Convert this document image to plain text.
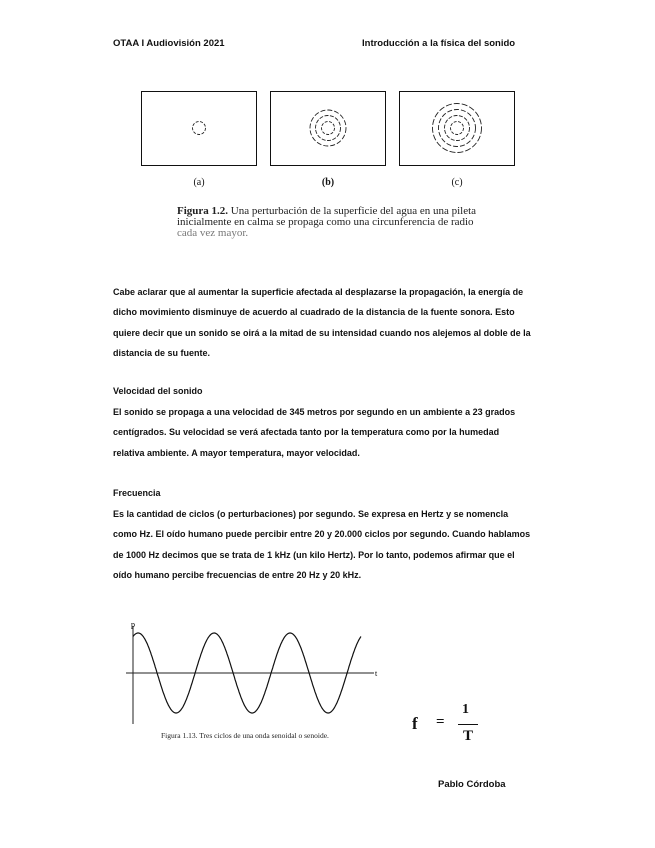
OTAA I Audiovisión 2021	Introducción a la física del sonido
(a)	(b)	(c)
Figura 1.2. Una perturbación de la superficie del agua en una pileta
inicialmente en calma se propaga como una circunferencia de radio
cada vez mayor.
Cabe aclarar que al aumentar la superficie afectada al desplazarse la propagación, la energía de dicho movimiento disminuye de acuerdo al cuadrado de la distancia de la fuente sonora. Esto quiere decir que un sonido se oirá a la mitad de su intensidad cuando nos alejemos al doble de la distancia de su fuente.
Velocidad del sonido
El sonido se propaga a una velocidad de 345 metros por segundo en un ambiente a 23 grados centígrados. Su velocidad se verá afectada tanto por la temperatura como por la humedad relativa ambiente. A mayor temperatura, mayor velocidad.
Frecuencia
Es la cantidad de ciclos (o perturbaciones) por segundo. Se expresa en Hertz y se nomencla como Hz. El oído humano puede percibir entre 20 y 20.000 ciclos por segundo. Cuando hablamos de 1000 Hz decimos que se trata de 1 kHz (un kilo Hertz). Por lo tanto, podemos afirmar que el oído humano percibe frecuencias de entre 20 Hz y 20 kHz.
p
t
Figura 1.13. Tres ciclos de una onda senoidal o senoide.
f =
1
T
Pablo Córdoba
